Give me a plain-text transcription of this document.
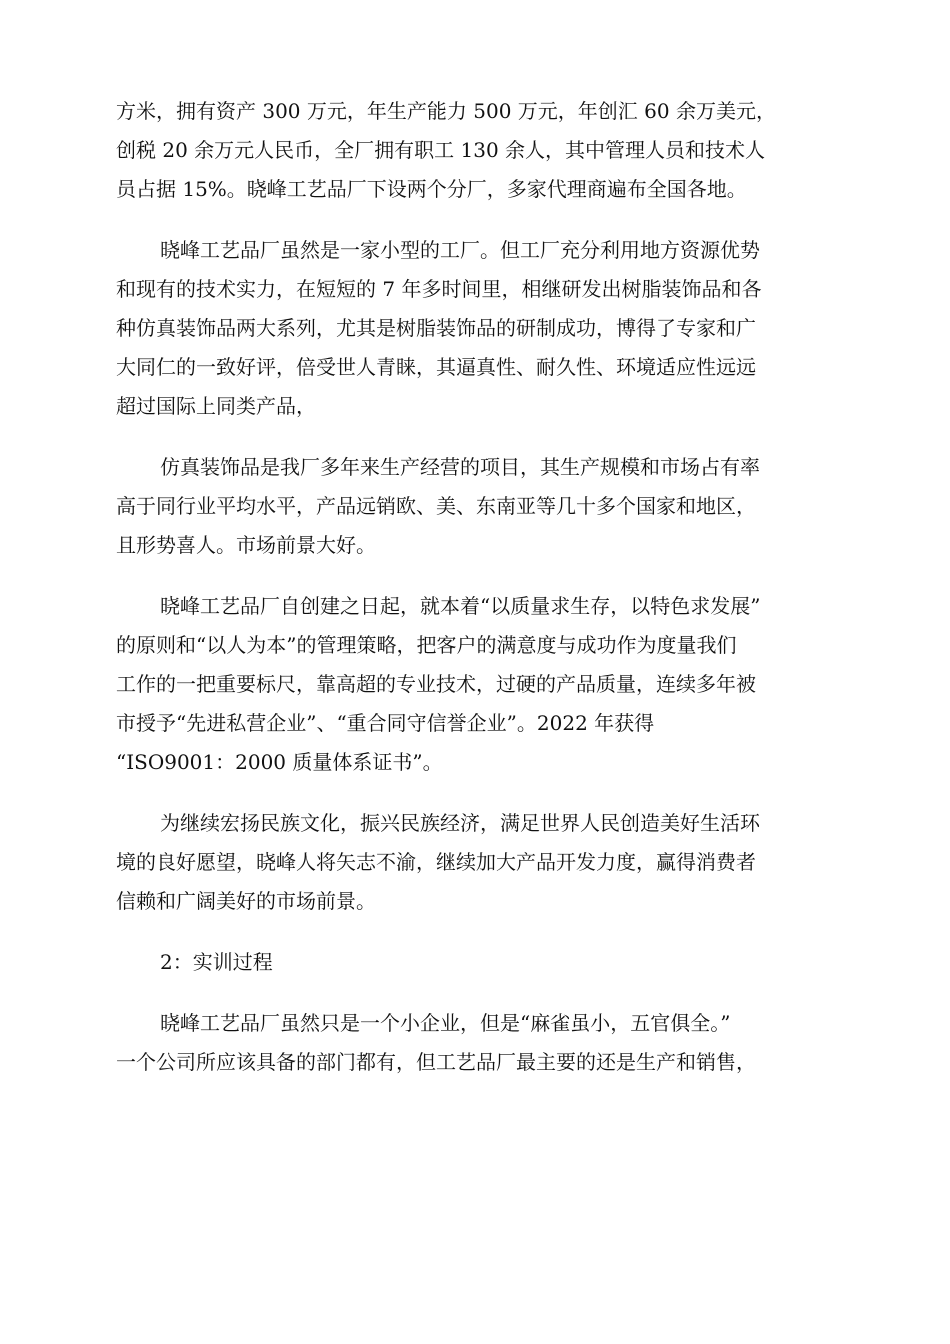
方米，拥有资产 300 万元，年生产能力 500 万元，年创汇 60 余万美元，
创税 20 余万元人民币，全厂拥有职工 130 余人，其中管理人员和技术人
员占据 15%。晓峰工艺品厂下设两个分厂，多家代理商遍布全国各地。

晓峰工艺品厂虽然是一家小型的工厂。但工厂充分利用地方资源优势
和现有的技术实力，在短短的 7 年多时间里，相继研发出树脂装饰品和各
种仿真装饰品两大系列，尤其是树脂装饰品的研制成功，博得了专家和广
大同仁的一致好评，倍受世人青睐，其逼真性、耐久性、环境适应性远远
超过国际上同类产品，

仿真装饰品是我厂多年来生产经营的项目，其生产规模和市场占有率
高于同行业平均水平，产品远销欧、美、东南亚等几十多个国家和地区，
且形势喜人。市场前景大好。

晓峰工艺品厂自创建之日起，就本着“以质量求生存，以特色求发展”
的原则和“以人为本”的管理策略，把客户的满意度与成功作为度量我们
工作的一把重要标尺，靠高超的专业技术，过硬的产品质量，连续多年被
市授予“先进私营企业”、“重合同守信誉企业”。2022 年获得
“ISO9001：2000 质量体系证书”。

为继续宏扬民族文化，振兴民族经济，满足世界人民创造美好生活环
境的良好愿望，晓峰人将矢志不渝，继续加大产品开发力度，赢得消费者
信赖和广阔美好的市场前景。

2：实训过程

晓峰工艺品厂虽然只是一个小企业，但是“麻雀虽小，五官俱全。”
一个公司所应该具备的部门都有，但工艺品厂最主要的还是生产和销售，
